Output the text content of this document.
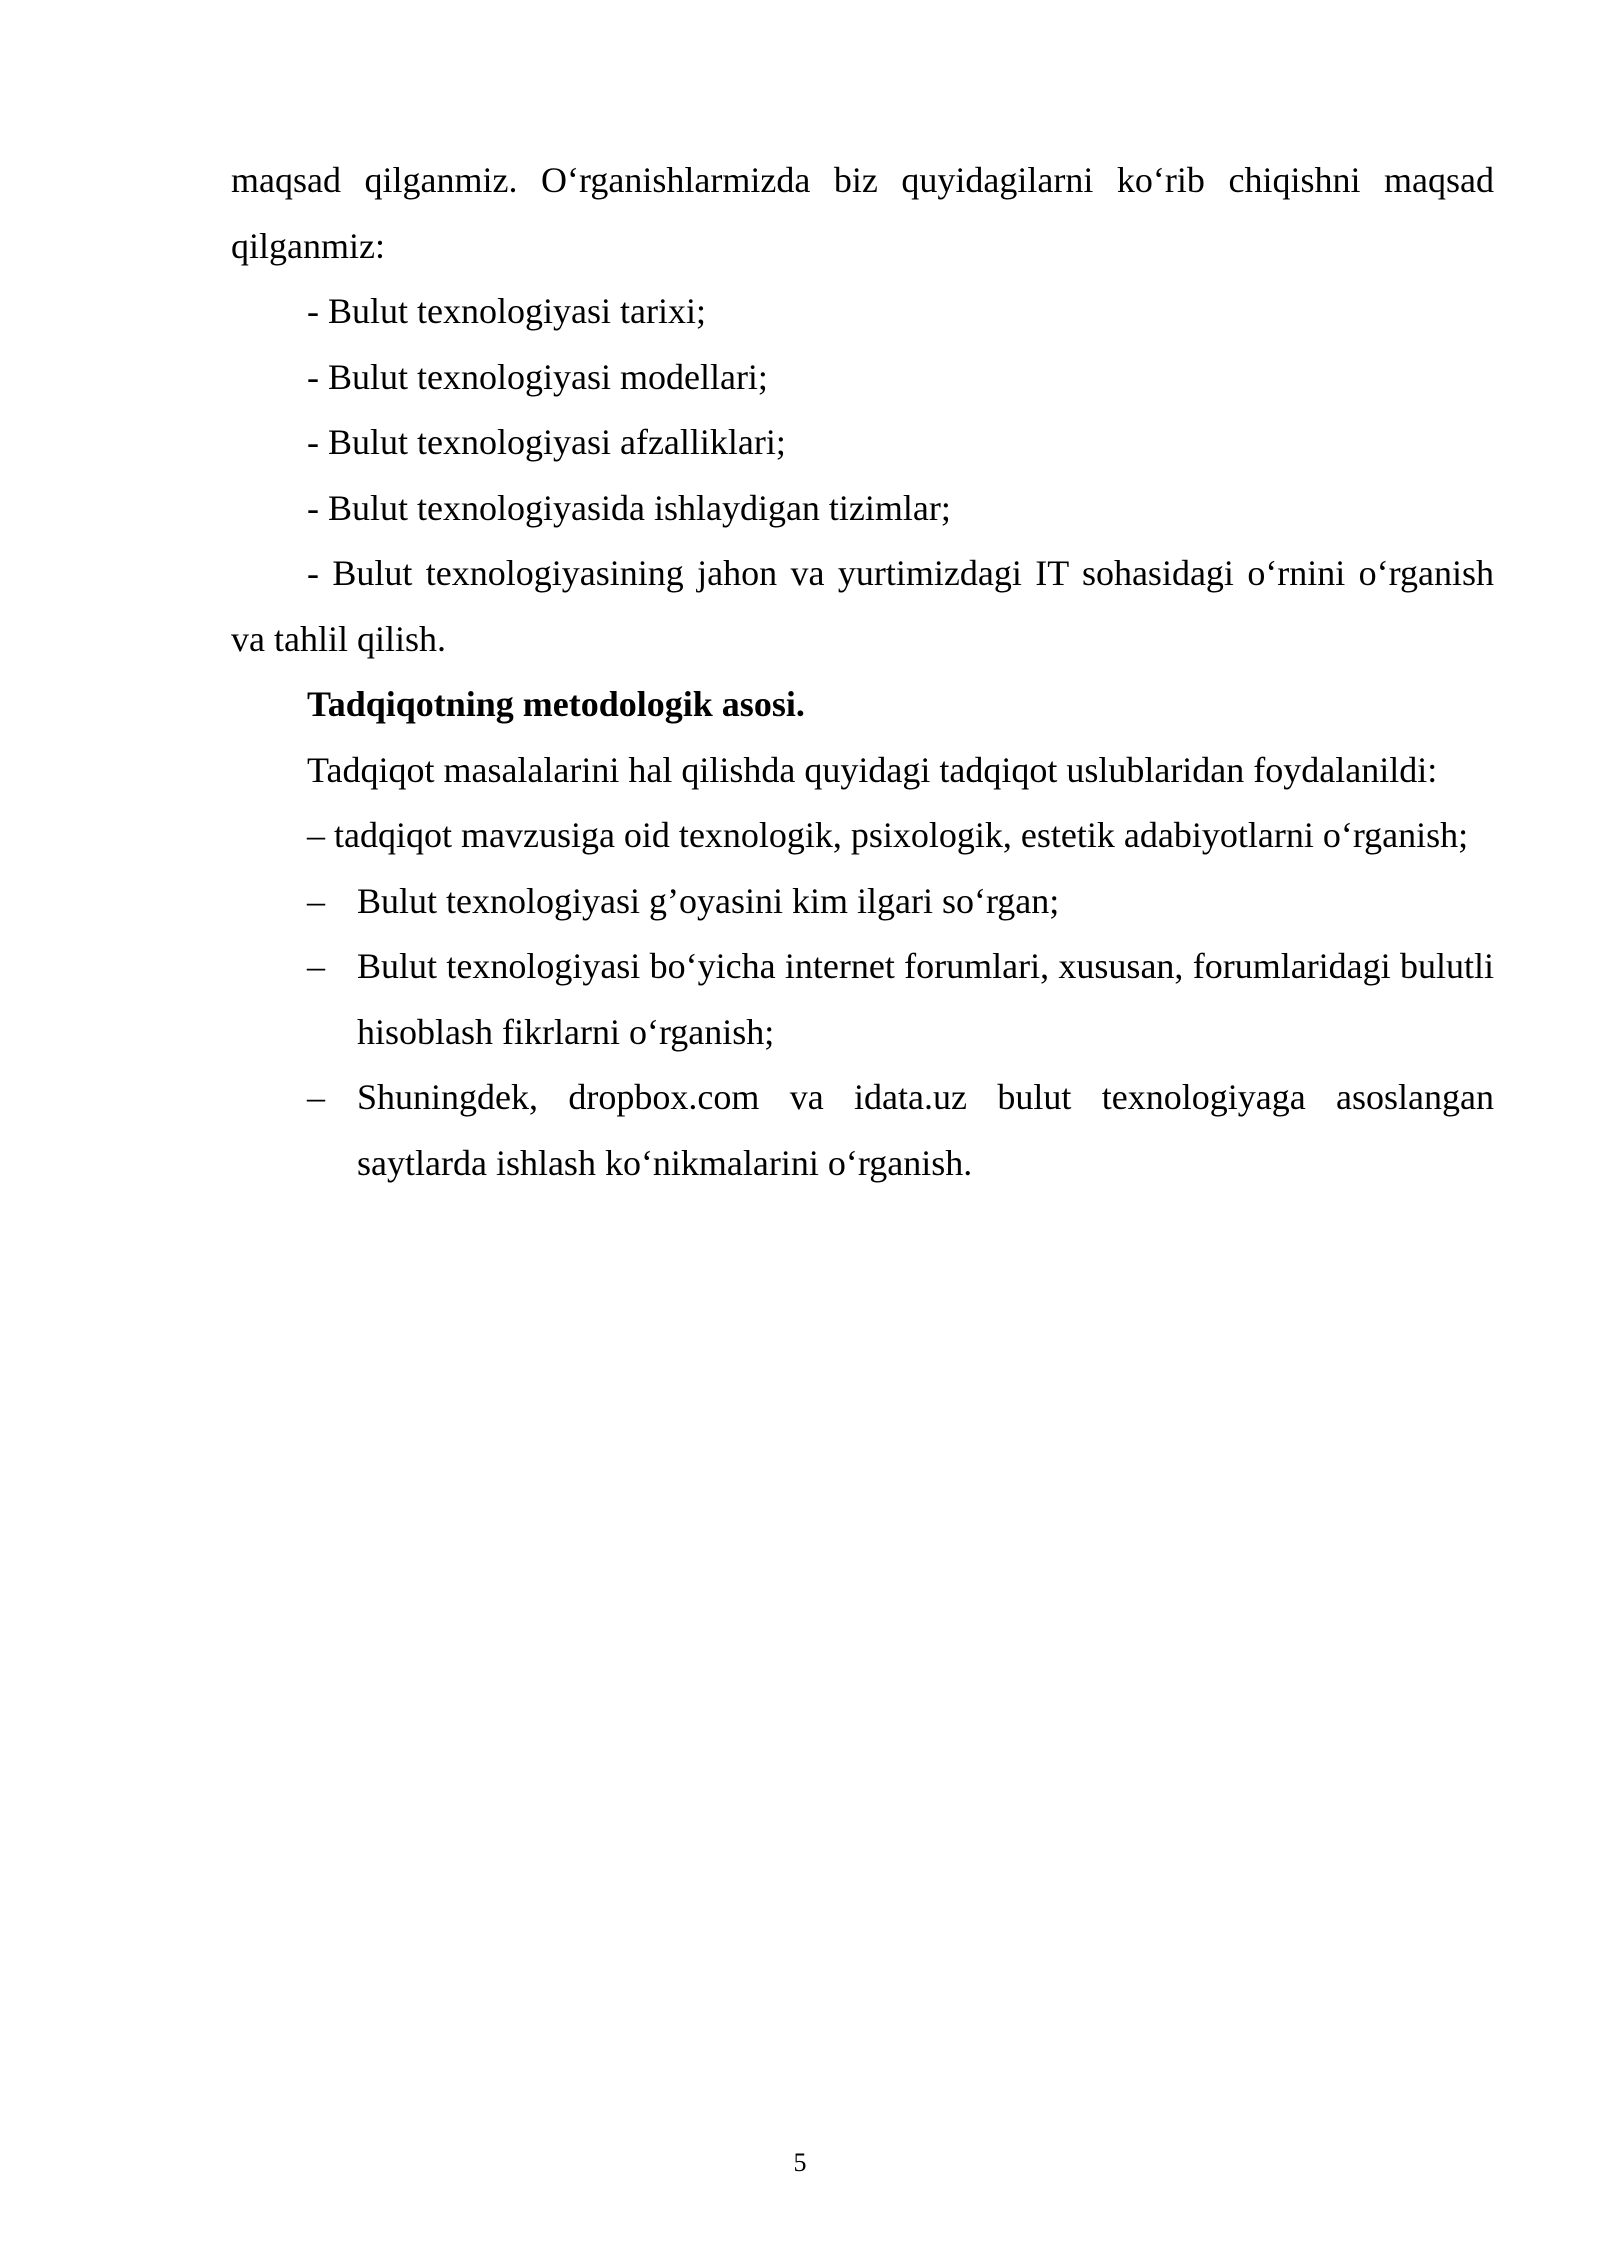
maqsad qilganmiz. O‘rganishlarmizda biz quyidagilarni ko‘rib chiqishni maqsad qilganmiz:

- Bulut texnologiyasi tarixi;

- Bulut texnologiyasi modellari;

- Bulut texnologiyasi afzalliklari;

- Bulut texnologiyasida ishlaydigan tizimlar;

- Bulut texnologiyasining jahon va yurtimizdagi IT sohasidagi o‘rnini o‘rganish va tahlil qilish.

Tadqiqotning metodologik asosi.

Tadqiqot masalalarini hal qilishda quyidagi tadqiqot uslublaridan foydalanildi:

– tadqiqot mavzusiga oid texnologik, psixologik, estetik adabiyotlarni o‘rganish;

– Bulut texnologiyasi g’oyasini kim ilgari so‘rgan;

– Bulut texnologiyasi bo‘yicha internet forumlari, xususan, forumlaridagi bulutli hisoblash fikrlarni o‘rganish;

– Shuningdek, dropbox.com va idata.uz bulut texnologiyaga asoslangan saytlarda ishlash ko‘nikmalarini o‘rganish.

5
